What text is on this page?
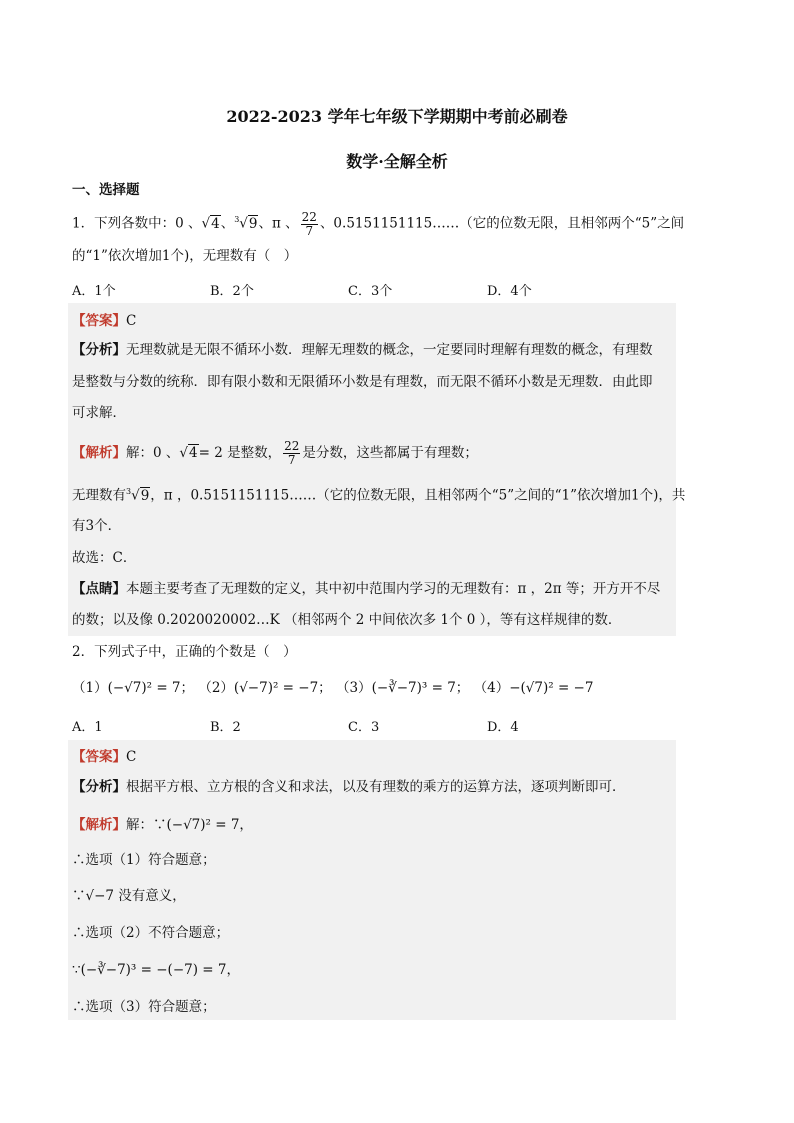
2022-2023 学年七年级下学期期中考前必刷卷
数学·全解全析
一、选择题
1．下列各数中：0 、√4、$^3$√9、π 、 $\frac{22}{7}$ 、0.5151151115……（它的位数无限，且相邻两个“5”之间
的“1”依次增加1个)，无理数有（　）
A．1个	B．2个	C．3个	D．4个
【答案】C
【分析】无理数就是无限不循环小数．理解无理数的概念，一定要同时理解有理数的概念，有理数
是整数与分数的统称．即有限小数和无限循环小数是有理数，而无限不循环小数是无理数．由此即
可求解．
【解析】解：0 、√4= 2 是整数， $\frac{22}{7}$ 是分数，这些都属于有理数；
无理数有$^3$√9，π ，0.5151151115……（它的位数无限，且相邻两个“5”之间的“1”依次增加1个)，共
有3个．
故选：C．
【点睛】本题主要考查了无理数的定义，其中初中范围内学习的无理数有：π ，2π 等；开方开不尽
的数；以及像 0.2020020002…K （相邻两个 2 中间依次多 1个 0 ），等有这样规律的数．
2．下列式子中，正确的个数是（　）
（1）(−√7)² = 7； （2）(√−7)² = −7； （3）(−∛−7)³ = 7； （4）−(√7)² = −7
A．1	B．2	C．3	D．4
【答案】C
【分析】根据平方根、立方根的含义和求法，以及有理数的乘方的运算方法，逐项判断即可．
【解析】解：∵(−√7)² = 7，
∴选项（1）符合题意；
∵√−7 没有意义，
∴选项（2）不符合题意；
∵(−∛−7)³ = −(−7) = 7，
∴选项（3）符合题意；
